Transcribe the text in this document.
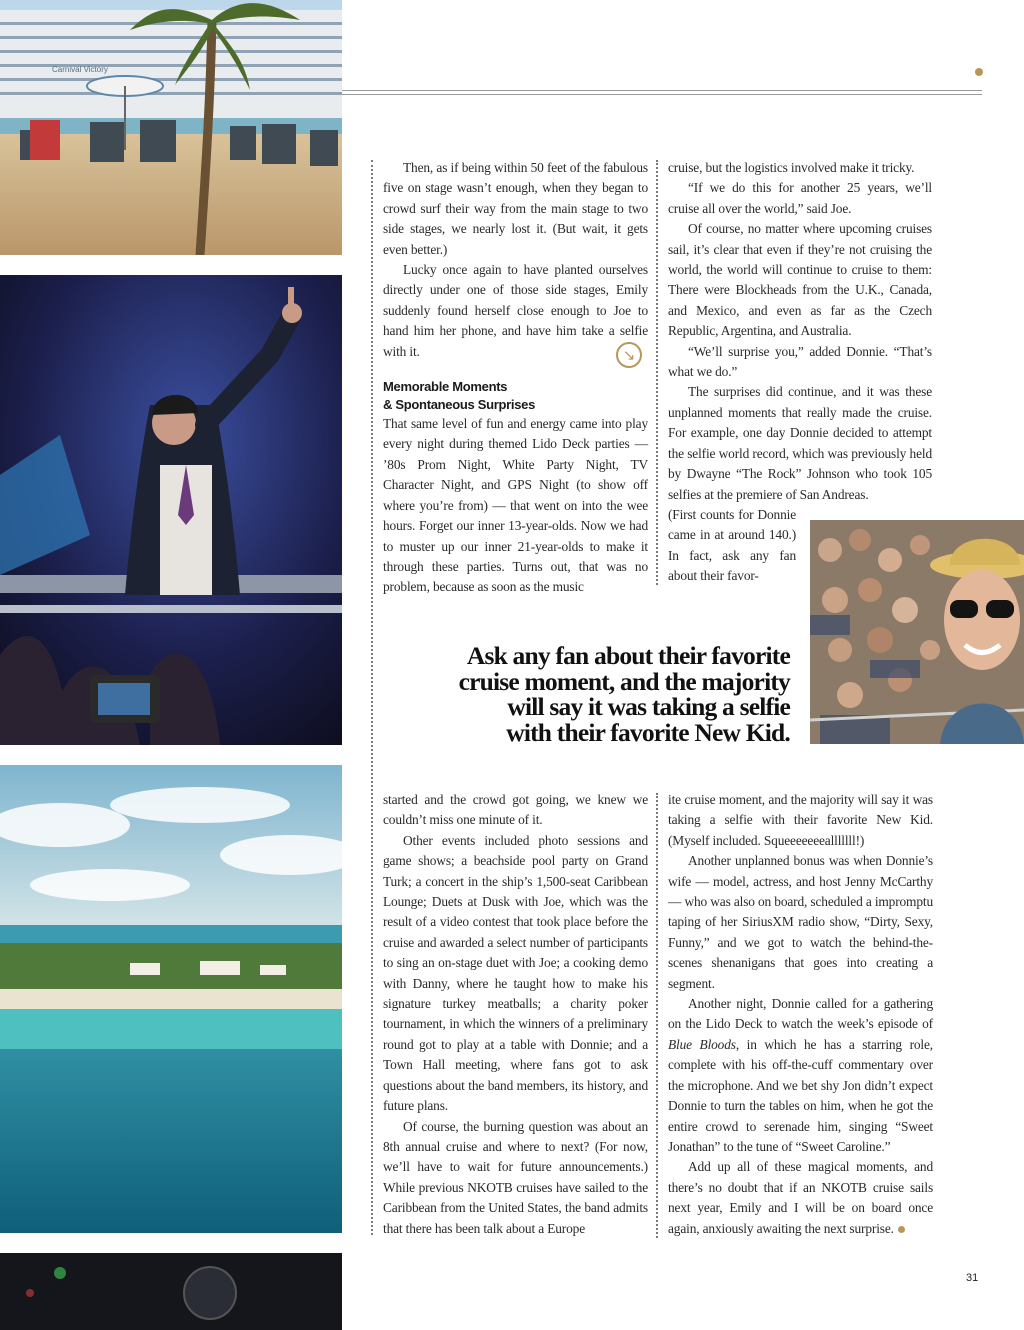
Carnival Victory

Then, as if being within 50 feet of the fabulous five on stage wasn’t enough, when they began to crowd surf their way from the main stage to two side stages, we nearly lost it. (But wait, it gets even better.)

Lucky once again to have planted ourselves directly under one of those side stages, Emily suddenly found herself close enough to Joe to hand him her phone, and have him take a selfie with it.

Memorable Moments
& Spontaneous Surprises

That same level of fun and energy came into play every night during themed Lido Deck parties — ’80s Prom Night, White Party Night, TV Character Night, and GPS Night (to show off where you’re from) — that went on into the wee hours. Forget our inner 13-year-olds. Now we had to muster up our inner 21-year-olds to make it through these parties. Turns out, that was no problem, because as soon as the music

↘

cruise, but the logistics involved make it tricky.

“If we do this for another 25 years, we’ll cruise all over the world,” said Joe.

Of course, no matter where upcoming cruises sail, it’s clear that even if they’re not cruising the world, the world will continue to cruise to them: There were Blockheads from the U.K., Canada, and Mexico, and even as far as the Czech Republic, Argentina, and Australia.

“We’ll surprise you,” added Donnie. “That’s what we do.”

The surprises did continue, and it was these unplanned moments that really made the cruise. For example, one day Donnie decided to attempt the selfie world record, which was previously held by Dwayne “The Rock” Johnson who took 105 selfies at the premiere of San Andreas.

(First counts for Donnie came in at around 140.) In fact, ask any fan about their favor-

Ask any fan about their favorite
cruise moment, and the majority
will say it was taking a selfie
with their favorite New Kid.

started and the crowd got going, we knew we couldn’t miss one minute of it.

Other events included photo sessions and game shows; a beachside pool party on Grand Turk; a concert in the ship’s 1,500-seat Caribbean Lounge; Duets at Dusk with Joe, which was the result of a video contest that took place before the cruise and awarded a select number of participants to sing an on-stage duet with Joe; a cooking demo with Danny, where he taught how to make his signature turkey meatballs; a charity poker tournament, in which the winners of a preliminary round got to play at a table with Donnie; and a Town Hall meeting, where fans got to ask questions about the band members, its history, and future plans.

Of course, the burning question was about an 8th annual cruise and where to next? (For now, we’ll have to wait for future announcements.) While previous NKOTB cruises have sailed to the Caribbean from the United States, the band admits that there has been talk about a Europe

ite cruise moment, and the majority will say it was taking a selfie with their favorite New Kid. (Myself included. Squeeeeeeealllllll!)

Another unplanned bonus was when Donnie’s wife — model, actress, and host Jenny McCarthy — who was also on board, scheduled a impromptu taping of her SiriusXM radio show, “Dirty, Sexy, Funny,” and we got to watch the behind-the-scenes shenanigans that goes into creating a segment.

Another night, Donnie called for a gathering on the Lido Deck to watch the week’s episode of Blue Bloods, in which he has a starring role, complete with his off-the-cuff commentary over the microphone. And we bet shy Jon didn’t expect Donnie to turn the tables on him, when he got the entire crowd to serenade him, singing “Sweet Jonathan” to the tune of “Sweet Caroline.”

Add up all of these magical moments, and there’s no doubt that if an NKOTB cruise sails next year, Emily and I will be on board once again, anxiously awaiting the next surprise.

31
